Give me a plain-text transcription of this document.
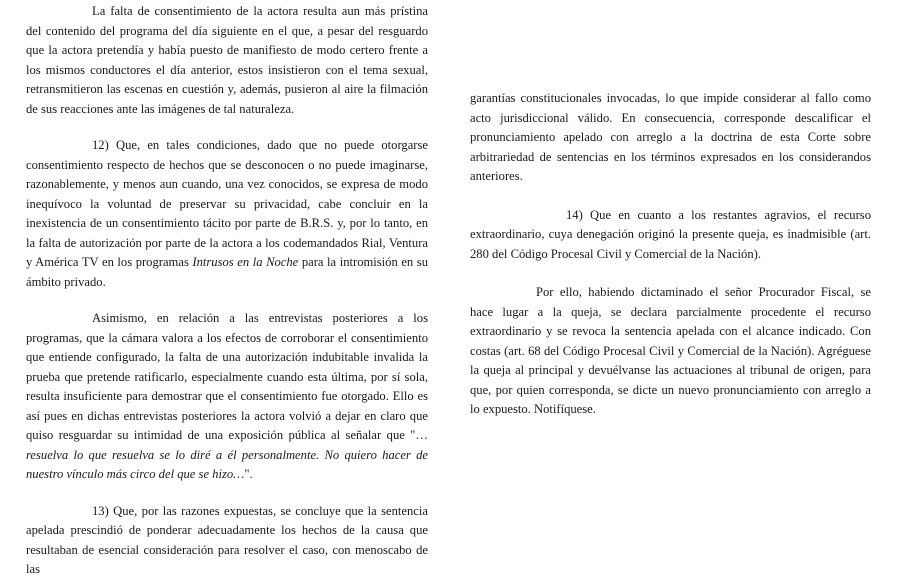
La falta de consentimiento de la actora resulta aun más prístina del contenido del programa del día siguiente en el que, a pesar del resguardo que la actora pretendía y había puesto de manifiesto de modo certero frente a los mismos conductores el día anterior, estos insistieron con el tema sexual, retransmitieron las escenas en cuestión y, además, pusieron al aire la filmación de sus reacciones ante las imágenes de tal naturaleza.

12) Que, en tales condiciones, dado que no puede otorgarse consentimiento respecto de hechos que se desconocen o no puede imaginarse, razonablemente, y menos aun cuando, una vez conocidos, se expresa de modo inequívoco la voluntad de preservar su privacidad, cabe concluir en la inexistencia de un consentimiento tácito por parte de B.R.S. y, por lo tanto, en la falta de autorización por parte de la actora a los codemandados Rial, Ventura y América TV en los programas Intrusos en la Noche para la intromisión en su ámbito privado.

Asimismo, en relación a las entrevistas posteriores a los programas, que la cámara valora a los efectos de corroborar el consentimiento que entiende configurado, la falta de una autorización indubitable invalida la prueba que pretende ratificarlo, especialmente cuando esta última, por sí sola, resulta insuficiente para demostrar que el consentimiento fue otorgado. Ello es así pues en dichas entrevistas posteriores la actora volvió a dejar en claro que quiso resguardar su intimidad de una exposición pública al señalar que "…resuelva lo que resuelva se lo diré a él personalmente. No quiero hacer de nuestro vínculo más circo del que se hizo…".

13) Que, por las razones expuestas, se concluye que la sentencia apelada prescindió de ponderar adecuadamente los hechos de la causa que resultaban de esencial consideración para resolver el caso, con menoscabo de las

garantías constitucionales invocadas, lo que impide considerar al fallo como acto jurisdiccional válido. En consecuencia, corresponde descalificar el pronunciamiento apelado con arreglo a la doctrina de esta Corte sobre arbitrariedad de sentencias en los términos expresados en los considerandos anteriores.

14) Que en cuanto a los restantes agravios, el recurso extraordinario, cuya denegación originó la presente queja, es inadmisible (art. 280 del Código Procesal Civil y Comercial de la Nación).

Por ello, habiendo dictaminado el señor Procurador Fiscal, se hace lugar a la queja, se declara parcialmente procedente el recurso extraordinario y se revoca la sentencia apelada con el alcance indicado. Con costas (art. 68 del Código Procesal Civil y Comercial de la Nación). Agréguese la queja al principal y devuélvanse las actuaciones al tribunal de origen, para que, por quien corresponda, se dicte un nuevo pronunciamiento con arreglo a lo expuesto. Notifíquese.
